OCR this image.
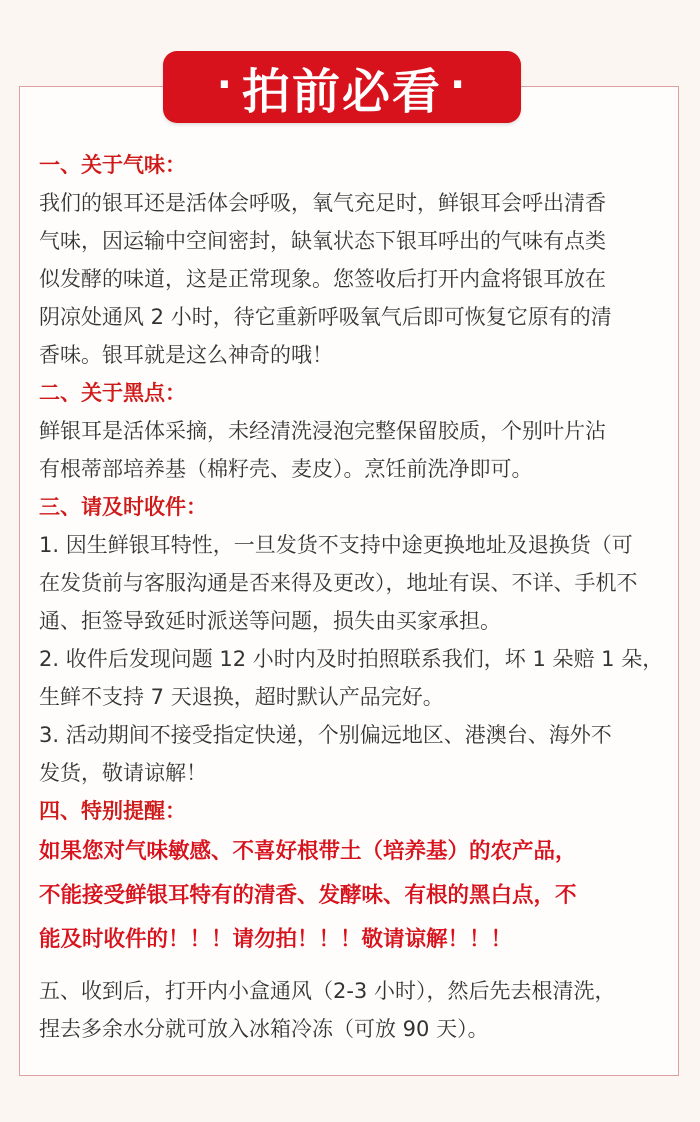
· 拍前必看 ·
一、关于气味：
我们的银耳还是活体会呼吸，氧气充足时，鲜银耳会呼出清香
气味，因运输中空间密封，缺氧状态下银耳呼出的气味有点类
似发酵的味道，这是正常现象。您签收后打开内盒将银耳放在
阴凉处通风 2 小时，待它重新呼吸氧气后即可恢复它原有的清
香味。银耳就是这么神奇的哦！
二、关于黑点：
鲜银耳是活体采摘，未经清洗浸泡完整保留胶质，个别叶片沾
有根蒂部培养基（棉籽壳、麦皮）。烹饪前洗净即可。
三、请及时收件：
1. 因生鲜银耳特性，一旦发货不支持中途更换地址及退换货（可
在发货前与客服沟通是否来得及更改），地址有误、不详、手机不
通、拒签导致延时派送等问题，损失由买家承担。
2. 收件后发现问题 12 小时内及时拍照联系我们，坏 1 朵赔 1 朵，
生鲜不支持 7 天退换，超时默认产品完好。
3. 活动期间不接受指定快递，个别偏远地区、港澳台、海外不
发货，敬请谅解！
四、特别提醒：
如果您对气味敏感、不喜好根带土（培养基）的农产品，
不能接受鲜银耳特有的清香、发酵味、有根的黑白点，不
能及时收件的！！！请勿拍！！！敬请谅解！！！
五、收到后，打开内小盒通风（2-3 小时），然后先去根清洗，
捏去多余水分就可放入冰箱冷冻（可放 90 天）。
